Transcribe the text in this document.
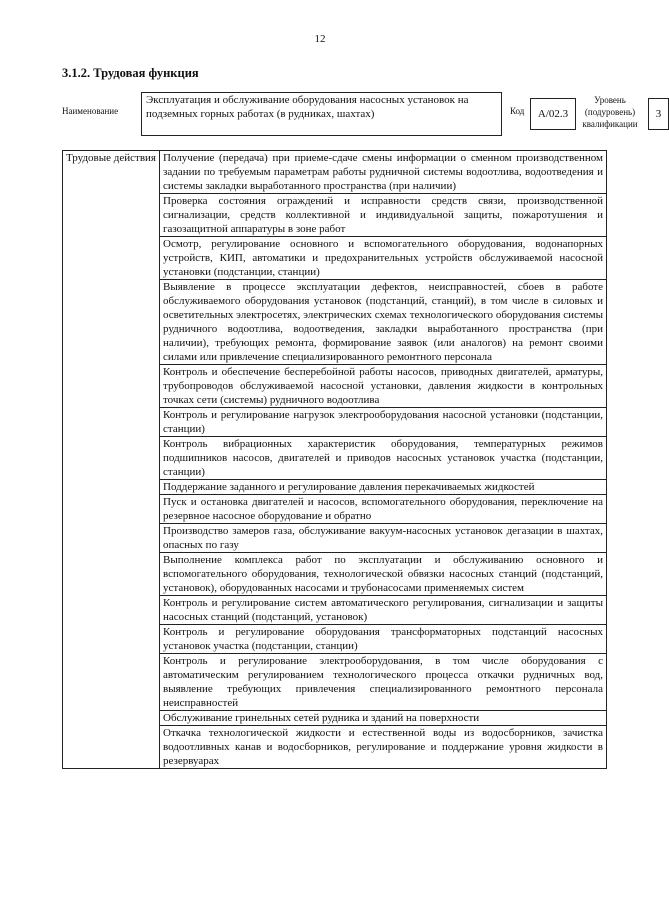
12
3.1.2. Трудовая функция
Наименование
Эксплуатация и обслуживание оборудования насосных установок на подземных горных работах (в рудниках, шахтах)	Код	А/02.3
Уровень (подуровень) квалификации
3
Трудовые действия	Получение (передача) при приеме-сдаче смены информации о сменном производственном задании по требуемым параметрам работы рудничной системы водоотлива, водоотведения и системы закладки выработанного пространства (при наличии)
Проверка состояния ограждений и исправности средств связи, производственной сигнализации, средств коллективной и индивидуальной защиты, пожаротушения и газозащитной аппаратуры в зоне работ
Осмотр, регулирование основного и вспомогательного оборудования, водонапорных устройств, КИП, автоматики и предохранительных устройств обслуживаемой насосной установки (подстанции, станции)
Выявление в процессе эксплуатации дефектов, неисправностей, сбоев в работе обслуживаемого оборудования установок (подстанций, станций), в том числе в силовых и осветительных электросетях, электрических схемах технологического оборудования системы рудничного водоотлива, водоотведения, закладки выработанного пространства (при наличии), требующих ремонта, формирование заявок (или аналогов) на ремонт своими силами или привлечение специализированного ремонтного персонала
Контроль и обеспечение бесперебойной работы насосов, приводных двигателей, арматуры, трубопроводов обслуживаемой насосной установки, давления жидкости в контрольных точках сети (системы) рудничного водоотлива
Контроль и регулирование нагрузок электрооборудования насосной установки (подстанции, станции)
Контроль вибрационных характеристик оборудования, температурных режимов подшипников насосов, двигателей и приводов насосных установок участка (подстанции, станции)
Поддержание заданного и регулирование давления перекачиваемых жидкостей
Пуск и остановка двигателей и насосов, вспомогательного оборудования, переключение на резервное насосное оборудование и обратно
Производство замеров газа, обслуживание вакуум-насосных установок дегазации в шахтах, опасных по газу
Выполнение комплекса работ по эксплуатации и обслуживанию основного и вспомогательного оборудования, технологической обвязки насосных станций (подстанций, установок), оборудованных насосами и трубонасосами применяемых систем
Контроль и регулирование систем автоматического регулирования, сигнализации и защиты насосных станций (подстанций, установок)
Контроль и регулирование оборудования трансформаторных подстанций насосных установок участка (подстанции, станции)
Контроль и регулирование электрооборудования, в том числе оборудования с автоматическим регулированием технологического процесса откачки рудничных вод, выявление требующих привлечения специализированного ремонтного персонала неисправностей
Обслуживание гринельных сетей рудника и зданий на поверхности
Откачка технологической жидкости и естественной воды из водосборников, зачистка водоотливных канав и водосборников, регулирование и поддержание уровня жидкости в резервуарах
